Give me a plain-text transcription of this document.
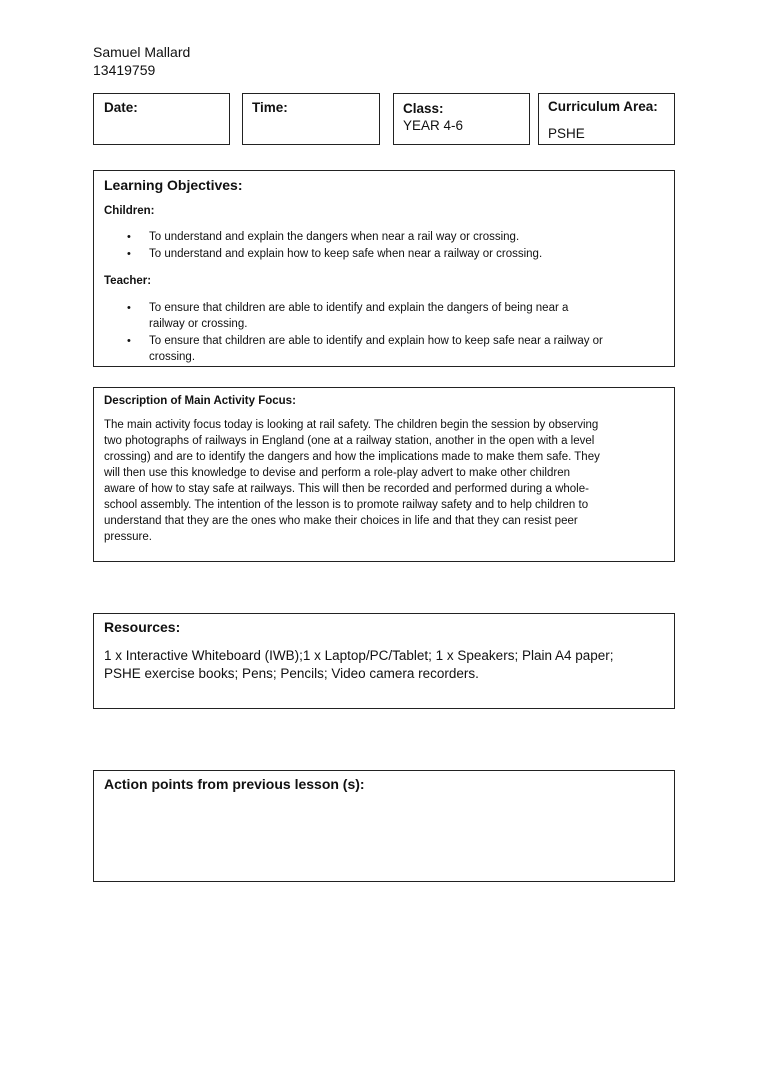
Samuel Mallard
13419759
Date:	Time:	Class:
YEAR 4-6
Curriculum Area:
PSHE
Learning Objectives:
Children:
• To understand and explain the dangers when near a rail way or crossing.
• To understand and explain how to keep safe when near a railway or crossing.
Teacher:
• To ensure that children are able to identify and explain the dangers of being near a
railway or crossing.
• To ensure that children are able to identify and explain how to keep safe near a railway or
crossing.
Description of Main Activity Focus:
The main activity focus today is looking at rail safety. The children begin the session by observing
two photographs of railways in England (one at a railway station, another in the open with a level
crossing) and are to identify the dangers and how the implications made to make them safe. They
will then use this knowledge to devise and perform a role-play advert to make other children
aware of how to stay safe at railways. This will then be recorded and performed during a whole-
school assembly. The intention of the lesson is to promote railway safety and to help children to
understand that they are the ones who make their choices in life and that they can resist peer
pressure.
Resources:
1 x Interactive Whiteboard (IWB);1 x Laptop/PC/Tablet; 1 x Speakers; Plain A4 paper;
PSHE exercise books; Pens; Pencils; Video camera recorders.
Action points from previous lesson (s):
